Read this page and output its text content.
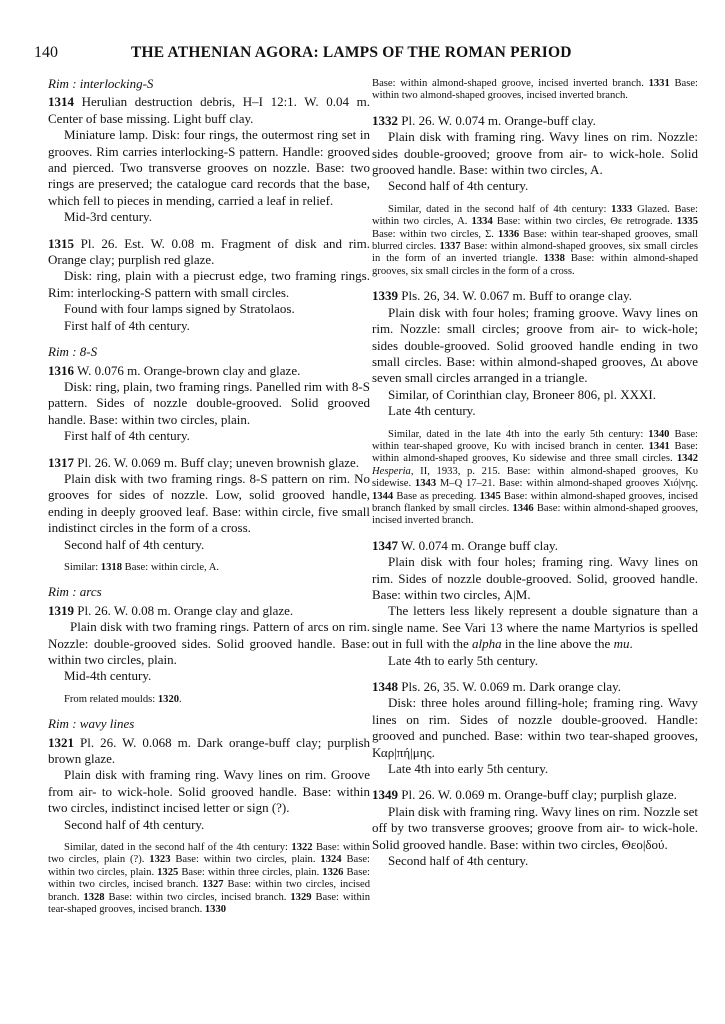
140	THE ATHENIAN AGORA: LAMPS OF THE ROMAN PERIOD

Rim : interlocking-S

1314 Herulian destruction debris, H–I 12:1. W. 0.04 m. Center of base missing. Light buff clay.

Miniature lamp. Disk: four rings, the outermost ring set in grooves. Rim carries interlocking-S pattern. Handle: grooved and pierced. Two transverse grooves on nozzle. Base: two rings are preserved; the catalogue card records that the base, which fell to pieces in mending, carried a leaf in relief.

Mid-3rd century.

1315 Pl. 26. Est. W. 0.08 m. Fragment of disk and rim. Orange clay; purplish red glaze.

Disk: ring, plain with a piecrust edge, two framing rings. Rim: interlocking-S pattern with small circles.

Found with four lamps signed by Stratolaos.

First half of 4th century.

Rim : 8-S

1316 W. 0.076 m. Orange-brown clay and glaze.

Disk: ring, plain, two framing rings. Panelled rim with 8-S pattern. Sides of nozzle double-grooved. Solid grooved handle. Base: within two circles, plain.

First half of 4th century.

1317 Pl. 26. W. 0.069 m. Buff clay; uneven brownish glaze.

Plain disk with two framing rings. 8-S pattern on rim. No grooves for sides of nozzle. Low, solid grooved handle, ending in deeply grooved leaf. Base: within circle, five small indistinct circles in the form of a cross.

Second half of 4th century.

Similar: 1318 Base: within circle, A.

Rim : arcs

1319 Pl. 26. W. 0.08 m. Orange clay and glaze.

Plain disk with two framing rings. Pattern of arcs on rim. Nozzle: double-grooved sides. Solid grooved handle. Base: within two circles, plain.

Mid-4th century.

From related moulds: 1320.

Rim : wavy lines

1321 Pl. 26. W. 0.068 m. Dark orange-buff clay; purplish brown glaze.

Plain disk with framing ring. Wavy lines on rim. Groove from air- to wick-hole. Solid grooved handle. Base: within two circles, indistinct incised letter or sign (?).

Second half of 4th century.

Similar, dated in the second half of the 4th century: 1322 Base: within two circles, plain (?). 1323 Base: within two circles, plain. 1324 Base: within two circles, plain. 1325 Base: within three circles, plain. 1326 Base: within two circles, incised branch. 1327 Base: within two circles, incised branch. 1328 Base: within two circles, incised branch. 1329 Base: within tear-shaped grooves, incised branch. 1330

Base: within almond-shaped groove, incised inverted branch. 1331 Base: within two almond-shaped grooves, incised inverted branch.

1332 Pl. 26. W. 0.074 m. Orange-buff clay.

Plain disk with framing ring. Wavy lines on rim. Nozzle: sides double-grooved; groove from air- to wick-hole. Solid grooved handle. Base: within two circles, A.

Second half of 4th century.

Similar, dated in the second half of 4th century: 1333 Glazed. Base: within two circles, A. 1334 Base: within two circles, Θε retrograde. 1335 Base: within two circles, Σ. 1336 Base: within tear-shaped grooves, small blurred circles. 1337 Base: within almond-shaped grooves, six small circles in the form of an inverted triangle. 1338 Base: within almond-shaped grooves, six small circles in the form of a cross.

1339 Pls. 26, 34. W. 0.067 m. Buff to orange clay.

Plain disk with four holes; framing groove. Wavy lines on rim. Nozzle: small circles; groove from air- to wick-hole; sides double-grooved. Solid grooved handle ending in two small circles. Base: within almond-shaped grooves, Δι above seven small circles arranged in a triangle.

Similar, of Corinthian clay, Broneer 806, pl. XXXI.

Late 4th century.

Similar, dated in the late 4th into the early 5th century: 1340 Base: within tear-shaped groove, Κυ with incised branch in center. 1341 Base: within almond-shaped grooves, Κυ sidewise and three small circles. 1342 Hesperia, II, 1933, p. 215. Base: within almond-shaped grooves, Κυ sidewise. 1343 M–Q 17–21. Base: within almond-shaped grooves Χιό|νης. 1344 Base as preceding. 1345 Base: within almond-shaped grooves, incised branch flanked by small circles. 1346 Base: within almond-shaped grooves, incised inverted branch.

1347 W. 0.074 m. Orange buff clay.

Plain disk with four holes; framing ring. Wavy lines on rim. Sides of nozzle double-grooved. Solid, grooved handle. Base: within two circles, Α|Μ.

The letters less likely represent a double signature than a single name. See Vari 13 where the name Martyrios is spelled out in full with the alpha in the line above the mu.

Late 4th to early 5th century.

1348 Pls. 26, 35. W. 0.069 m. Dark orange clay.

Disk: three holes around filling-hole; framing ring. Wavy lines on rim. Sides of nozzle double-grooved. Handle: grooved and punched. Base: within two tear-shaped grooves, Καρ|πή|μης.

Late 4th into early 5th century.

1349 Pl. 26. W. 0.069 m. Orange-buff clay; purplish glaze.

Plain disk with framing ring. Wavy lines on rim. Nozzle set off by two transverse grooves; groove from air- to wick-hole. Solid grooved handle. Base: within two circles, Θεο|δού.

Second half of 4th century.
